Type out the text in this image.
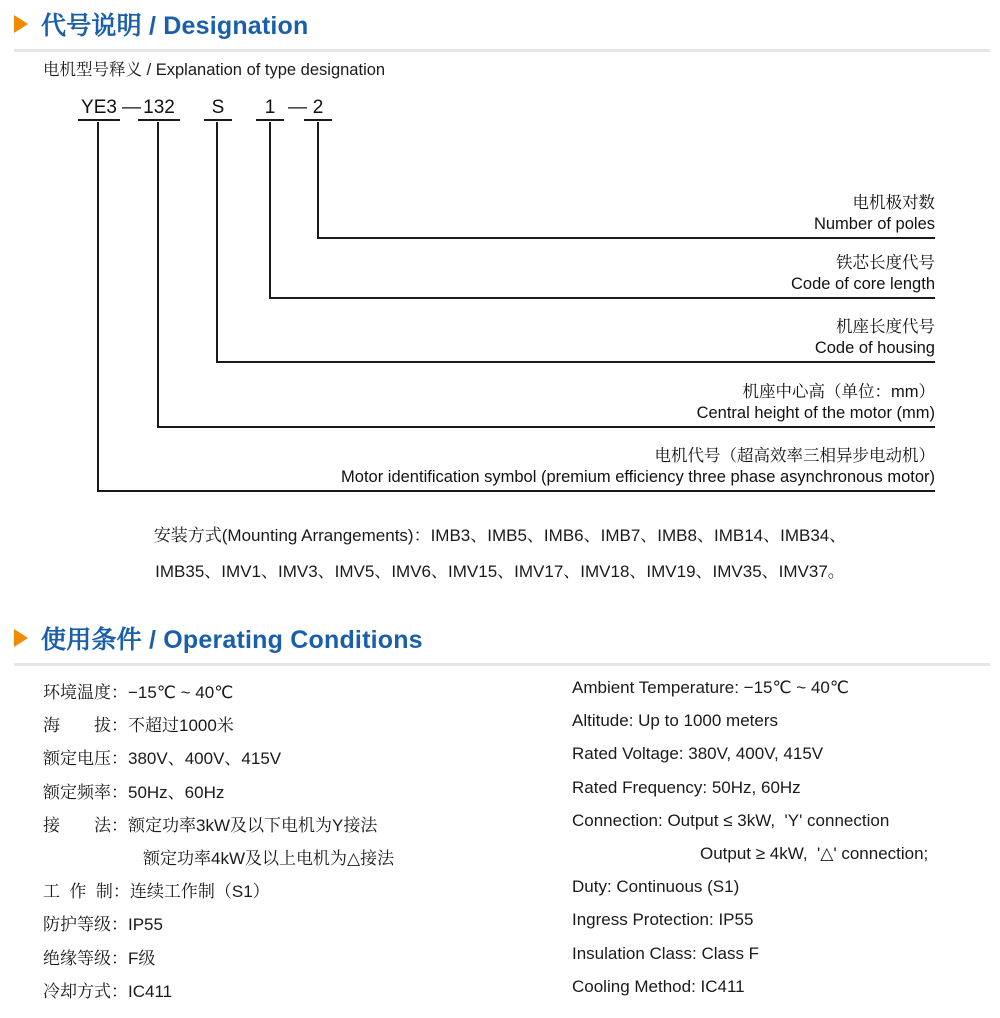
代号说明 / Designation
电机型号释义 / Explanation of type designation
YE3 — 132	S	1 — 2
电机极对数
Number of poles
铁芯长度代号
Code of core length
机座长度代号
Code of housing
机座中心高（单位：mm）
Central height of the motor (mm)
电机代号（超高效率三相异步电动机）
Motor identification symbol (premium efficiency three phase asynchronous motor)
安装方式(Mounting Arrangements)：IMB3、IMB5、IMB6、IMB7、IMB8、IMB14、IMB34、
IMB35、IMV1、IMV3、IMV5、IMV6、IMV15、IMV17、IMV18、IMV19、IMV35、IMV37。
使用条件 / Operating Conditions
环境温度：−15℃ ~ 40℃	Ambient Temperature: −15℃ ~ 40℃
海　　拔：不超过1000米	Altitude: Up to 1000 meters
额定电压：380V、400V、415V	Rated Voltage: 380V, 400V, 415V
额定频率：50Hz、60Hz	Rated Frequency: 50Hz, 60Hz
接　　法：额定功率3kW及以下电机为Y接法	Connection: Output ≤ 3kW,  'Y' connection
额定功率4kW及以上电机为△接法	Output ≥ 4kW,  '△' connection;
工  作  制：连续工作制（S1）	Duty: Continuous (S1)
防护等级：IP55	Ingress Protection: IP55
绝缘等级：F级	Insulation Class: Class F
冷却方式：IC411	Cooling Method: IC411
